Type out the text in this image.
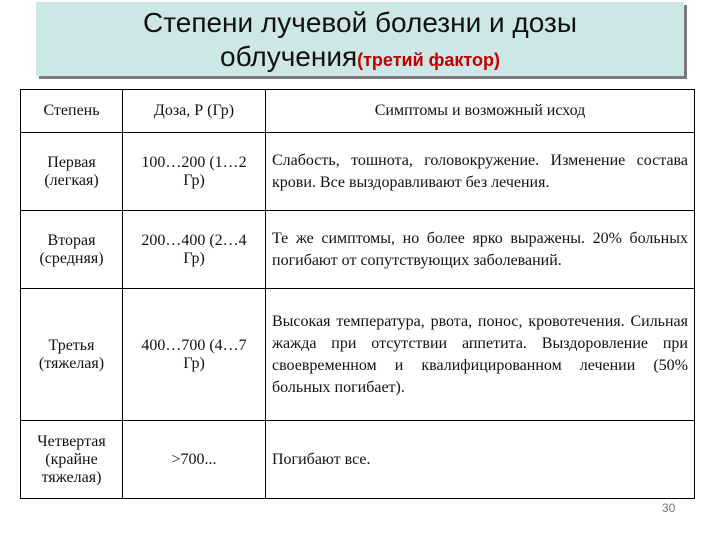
Степени лучевой болезни и дозы
облучения(третий фактор)
Степень	Доза, Р (Гр)	Симптомы и возможный исход
Первая (легкая)	100…200 (1…2 Гр)	Слабость, тошнота, головокружение. Изменение состава крови. Все выздоравливают без лечения.
Вторая (средняя)	200…400 (2…4 Гр)	Те же симптомы, но более ярко выражены. 20% больных погибают от сопутствующих заболеваний.
Третья (тяжелая)	400…700 (4…7 Гр)	Высокая температура, рвота, понос, кровотечения. Сильная жажда при отсутствии аппетита. Выздоровление при своевременном и квалифицированном лечении (50% больных погибает).
Четвертая (крайне тяжелая)	>700...	Погибают все.
30
